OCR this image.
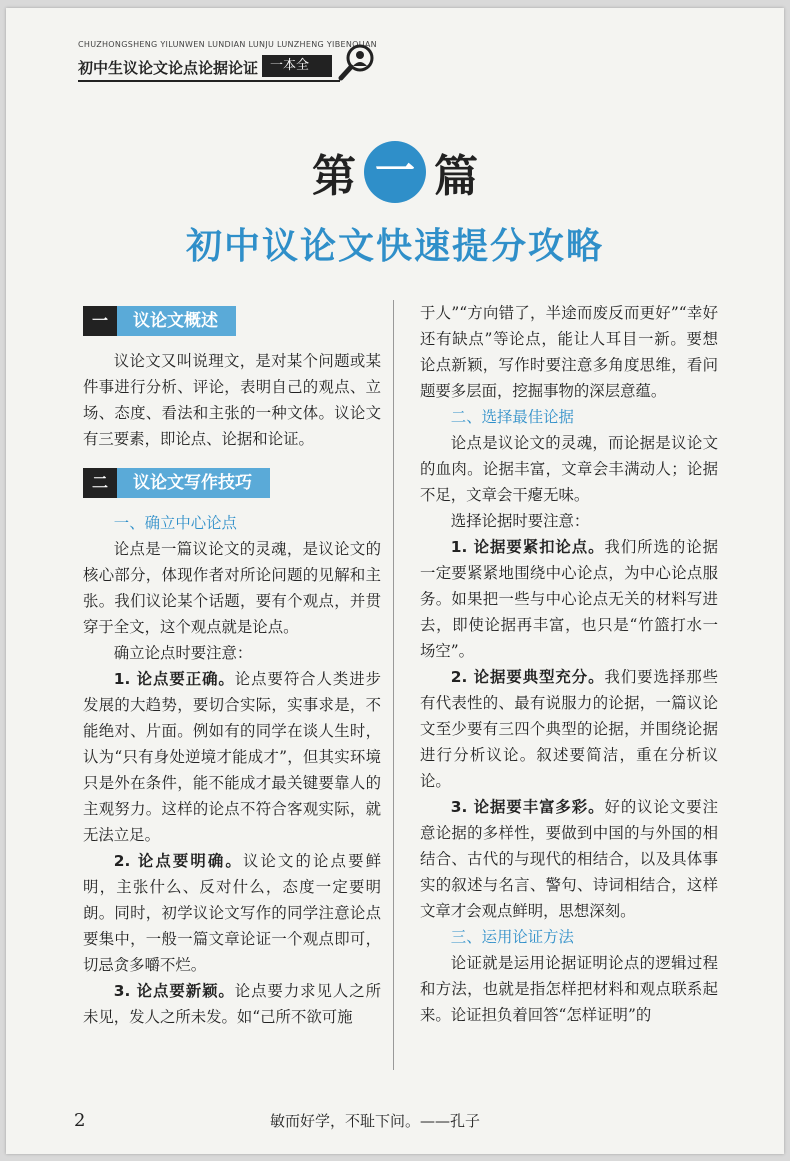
CHUZHONGSHENG YILUNWEN LUNDIAN LUNJU LUNZHENG YIBENQUAN
初中生议论文论点论据论证 一本全
第 一 篇
初中议论文快速提分攻略
一	议论文概述

议论文又叫说理文，是对某个问题或某件事进行分析、评论，表明自己的观点、立场、态度、看法和主张的一种文体。议论文有三要素，即论点、论据和论证。

二	议论文写作技巧
一、确立中心论点

论点是一篇议论文的灵魂，是议论文的核心部分，体现作者对所论问题的见解和主张。我们议论某个话题，要有个观点，并贯穿于全文，这个观点就是论点。

确立论点时要注意：

1. 论点要正确。论点要符合人类进步发展的大趋势，要切合实际，实事求是，不能绝对、片面。例如有的同学在谈人生时，认为“只有身处逆境才能成才”，但其实环境只是外在条件，能不能成才最关键要靠人的主观努力。这样的论点不符合客观实际，就无法立足。

2. 论点要明确。议论文的论点要鲜明，主张什么、反对什么，态度一定要明朗。同时，初学议论文写作的同学注意论点要集中，一般一篇文章论证一个观点即可，切忌贪多嚼不烂。

3. 论点要新颖。论点要力求见人之所未见，发人之所未发。如“己所不欲可施

于人”“方向错了，半途而废反而更好”“幸好还有缺点”等论点，能让人耳目一新。要想论点新颖，写作时要注意多角度思维，看问题要多层面，挖掘事物的深层意蕴。

二、选择最佳论据

论点是议论文的灵魂，而论据是议论文的血肉。论据丰富，文章会丰满动人；论据不足，文章会干瘪无味。

选择论据时要注意：

1. 论据要紧扣论点。我们所选的论据一定要紧紧地围绕中心论点，为中心论点服务。如果把一些与中心论点无关的材料写进去，即使论据再丰富，也只是“竹篮打水一场空”。

2. 论据要典型充分。我们要选择那些有代表性的、最有说服力的论据，一篇议论文至少要有三四个典型的论据，并围绕论据进行分析议论。叙述要简洁，重在分析议论。

3. 论据要丰富多彩。好的议论文要注意论据的多样性，要做到中国的与外国的相结合、古代的与现代的相结合，以及具体事实的叙述与名言、警句、诗词相结合，这样文章才会观点鲜明，思想深刻。

三、运用论证方法

论证就是运用论据证明论点的逻辑过程和方法，也就是指怎样把材料和观点联系起来。论证担负着回答“怎样证明”的

2	敏而好学，不耻下问。——孔子
